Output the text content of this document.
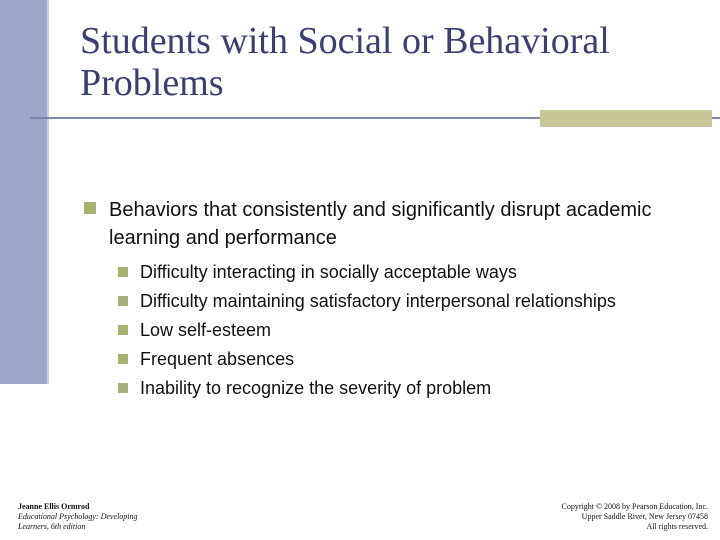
Students with Social or Behavioral
Problems
Behaviors that consistently and significantly disrupt academic learning and performance
Difficulty interacting in socially acceptable ways
Difficulty maintaining satisfactory interpersonal relationships
Low self-esteem
Frequent absences
Inability to recognize the severity of problem
Jeanne Ellis Ormrod
Educational Psychology: Developing
Learners, 6th edition
Copyright © 2008 by Pearson Education, Inc.
Upper Saddle River, New Jersey 07458
All rights reserved.
